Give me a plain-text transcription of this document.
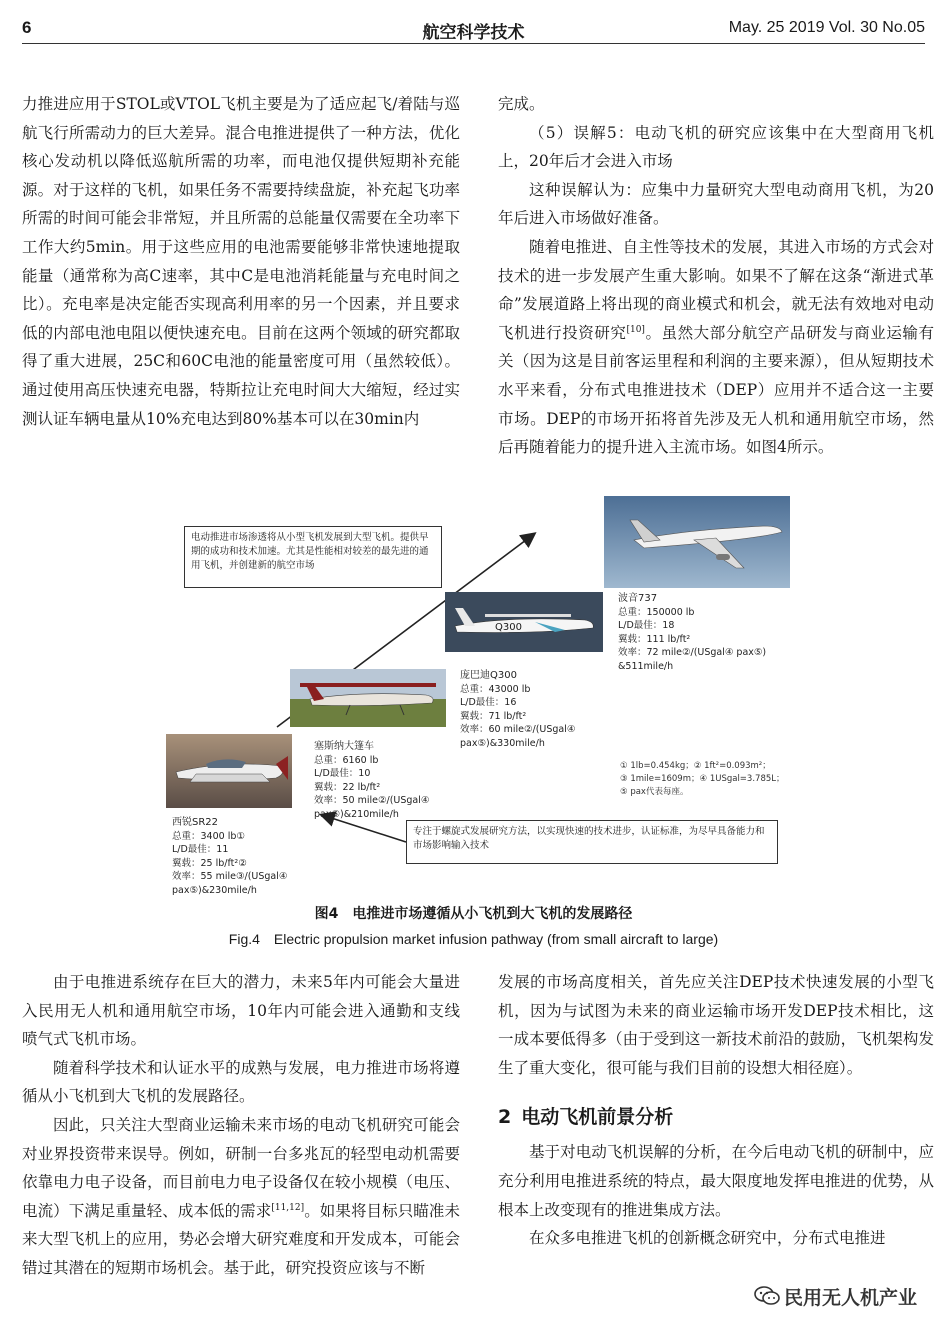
6	航空科学技术	May. 25 2019 Vol. 30 No.05

力推进应用于STOL或VTOL飞机主要是为了适应起飞/着陆与巡航飞行所需动力的巨大差异。混合电推进提供了一种方法，优化核心发动机以降低巡航所需的功率，而电池仅提供短期补充能源。对于这样的飞机，如果任务不需要持续盘旋，补充起飞功率所需的时间可能会非常短，并且所需的总能量仅需要在全功率下工作大约5min。用于这些应用的电池需要能够非常快速地提取能量（通常称为高C速率，其中C是电池消耗能量与充电时间之比）。充电率是决定能否实现高利用率的另一个因素，并且要求低的内部电池电阻以便快速充电。目前在这两个领域的研究都取得了重大进展，25C和60C电池的能量密度可用（虽然较低）。通过使用高压快速充电器，特斯拉让充电时间大大缩短，经过实测认证车辆电量从10%充电达到80%基本可以在30min内

完成。

（5）误解5：电动飞机的研究应该集中在大型商用飞机上，20年后才会进入市场

这种误解认为：应集中力量研究大型电动商用飞机，为20年后进入市场做好准备。

随着电推进、自主性等技术的发展，其进入市场的方式会对技术的进一步发展产生重大影响。如果不了解在这条“渐进式革命”发展道路上将出现的商业模式和机会，就无法有效地对电动飞机进行投资研究[10]。虽然大部分航空产品研发与商业运输有关（因为这是目前客运里程和利润的主要来源），但从短期技术水平来看，分布式电推进技术（DEP）应用并不适合这一主要市场。DEP的市场开拓将首先涉及无人机和通用航空市场，然后再随着能力的提升进入主流市场。如图4所示。

电动推进市场渗透将从小型飞机发展到大型飞机。提供早期的成功和技术加速。尤其是性能相对较差的最先进的通用飞机，并创建新的航空市场
Q300
波音737
总重：150000 lb
L/D最佳：18
翼载：111 lb/ft²
效率：72 mile②/(USgal④ pax⑤)
&511mile/h
庞巴迪Q300
总重：43000 lb
L/D最佳：16
翼载：71 lb/ft²
效率：60 mile②/(USgal④ pax⑤)&330mile/h
塞斯纳大篷车
总重：6160 lb
L/D最佳：10
翼载：22 lb/ft²
效率：50 mile②/(USgal④ pax⑤)&210mile/h
西锐SR22
总重：3400 lb①
L/D最佳：11
翼载：25 lb/ft²②
效率：55 mile③/(USgal④ pax⑤)&230mile/h
① 1lb=0.454kg；② 1ft²=0.093m²；
③ 1mile=1609m；④ 1USgal=3.785L；
⑤ pax代表每座。
专注于螺旋式发展研究方法，以实现快速的技术进步，认证标准，为尽早具备能力和市场影响输入技术
图4　电推进市场遵循从小飞机到大飞机的发展路径
Fig.4　Electric propulsion market infusion pathway (from small aircraft to large)

由于电推进系统存在巨大的潜力，未来5年内可能会大量进入民用无人机和通用航空市场，10年内可能会进入通勤和支线喷气式飞机市场。

随着科学技术和认证水平的成熟与发展，电力推进市场将遵循从小飞机到大飞机的发展路径。

因此，只关注大型商业运输未来市场的电动飞机研究可能会对业界投资带来误导。例如，研制一台多兆瓦的轻型电动机需要依靠电力电子设备，而目前电力电子设备仅在较小规模（电压、电流）下满足重量轻、成本低的需求[11,12]。如果将目标只瞄准未来大型飞机上的应用，势必会增大研究难度和开发成本，可能会错过其潜在的短期市场机会。基于此，研究投资应该与不断

发展的市场高度相关，首先应关注DEP技术快速发展的小型飞机，因为与试图为未来的商业运输市场开发DEP技术相比，这一成本要低得多（由于受到这一新技术前沿的鼓励，飞机架构发生了重大变化，很可能与我们目前的设想大相径庭）。

2 电动飞机前景分析

基于对电动飞机误解的分析，在今后电动飞机的研制中，应充分利用电推进系统的特点，最大限度地发挥电推进的优势，从根本上改变现有的推进集成方法。

在众多电推进飞机的创新概念研究中，分布式电推进

民用无人机产业
